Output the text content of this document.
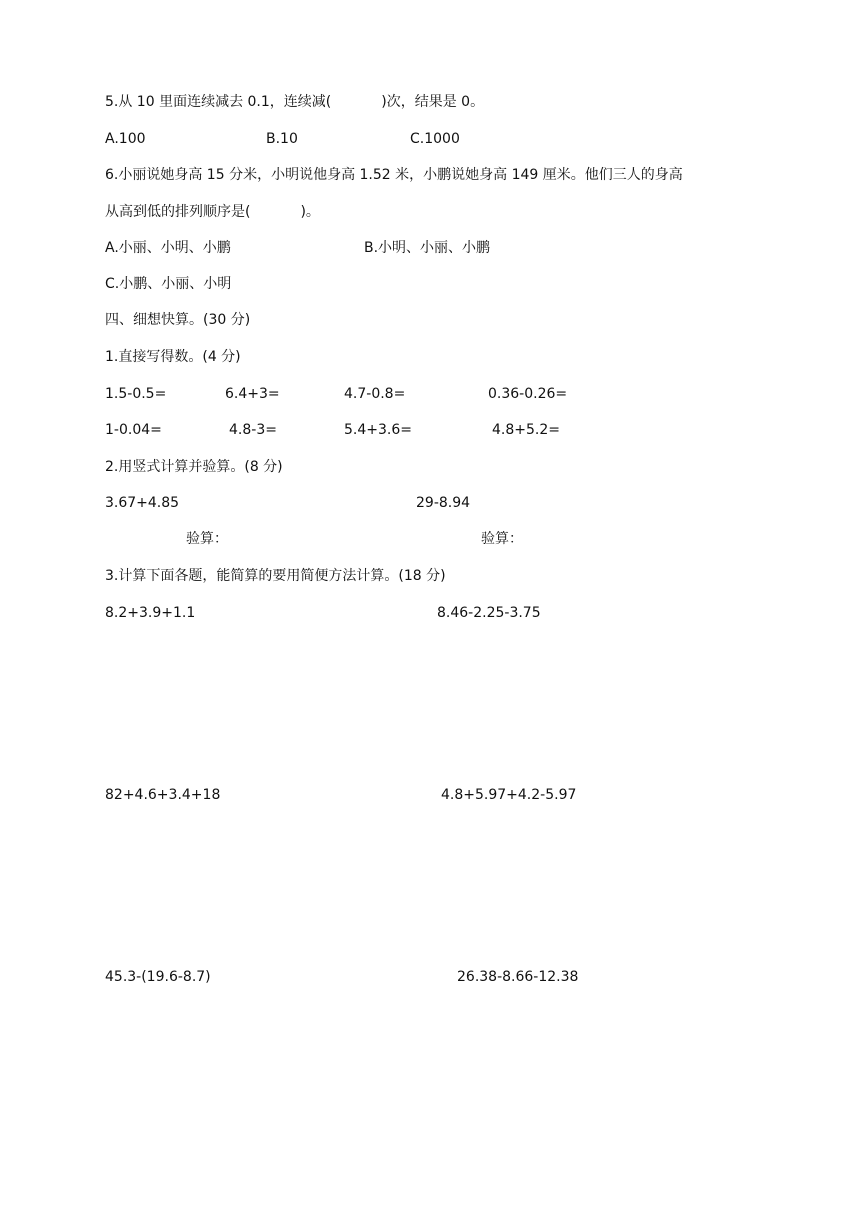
5.从 10 里面连续减去 0.1，连续减(	)次，结果是 0。
A.100	B.10	C.1000
6.小丽说她身高 15 分米，小明说他身高 1.52 米，小鹏说她身高 149 厘米。他们三人的身高
从高到低的排列顺序是(	)。
A.小丽、小明、小鹏	B.小明、小丽、小鹏
C.小鹏、小丽、小明
四、细想快算。(30 分)
1.直接写得数。(4 分)
1.5-0.5=	6.4+3=	4.7-0.8=	0.36-0.26=
1-0.04=	4.8-3=	5.4+3.6=	4.8+5.2=
2.用竖式计算并验算。(8 分)
3.67+4.85	29-8.94
验算：	验算：
3.计算下面各题，能简算的要用简便方法计算。(18 分)
8.2+3.9+1.1	8.46-2.25-3.75
82+4.6+3.4+18	4.8+5.97+4.2-5.97
45.3-(19.6-8.7)	26.38-8.66-12.38
